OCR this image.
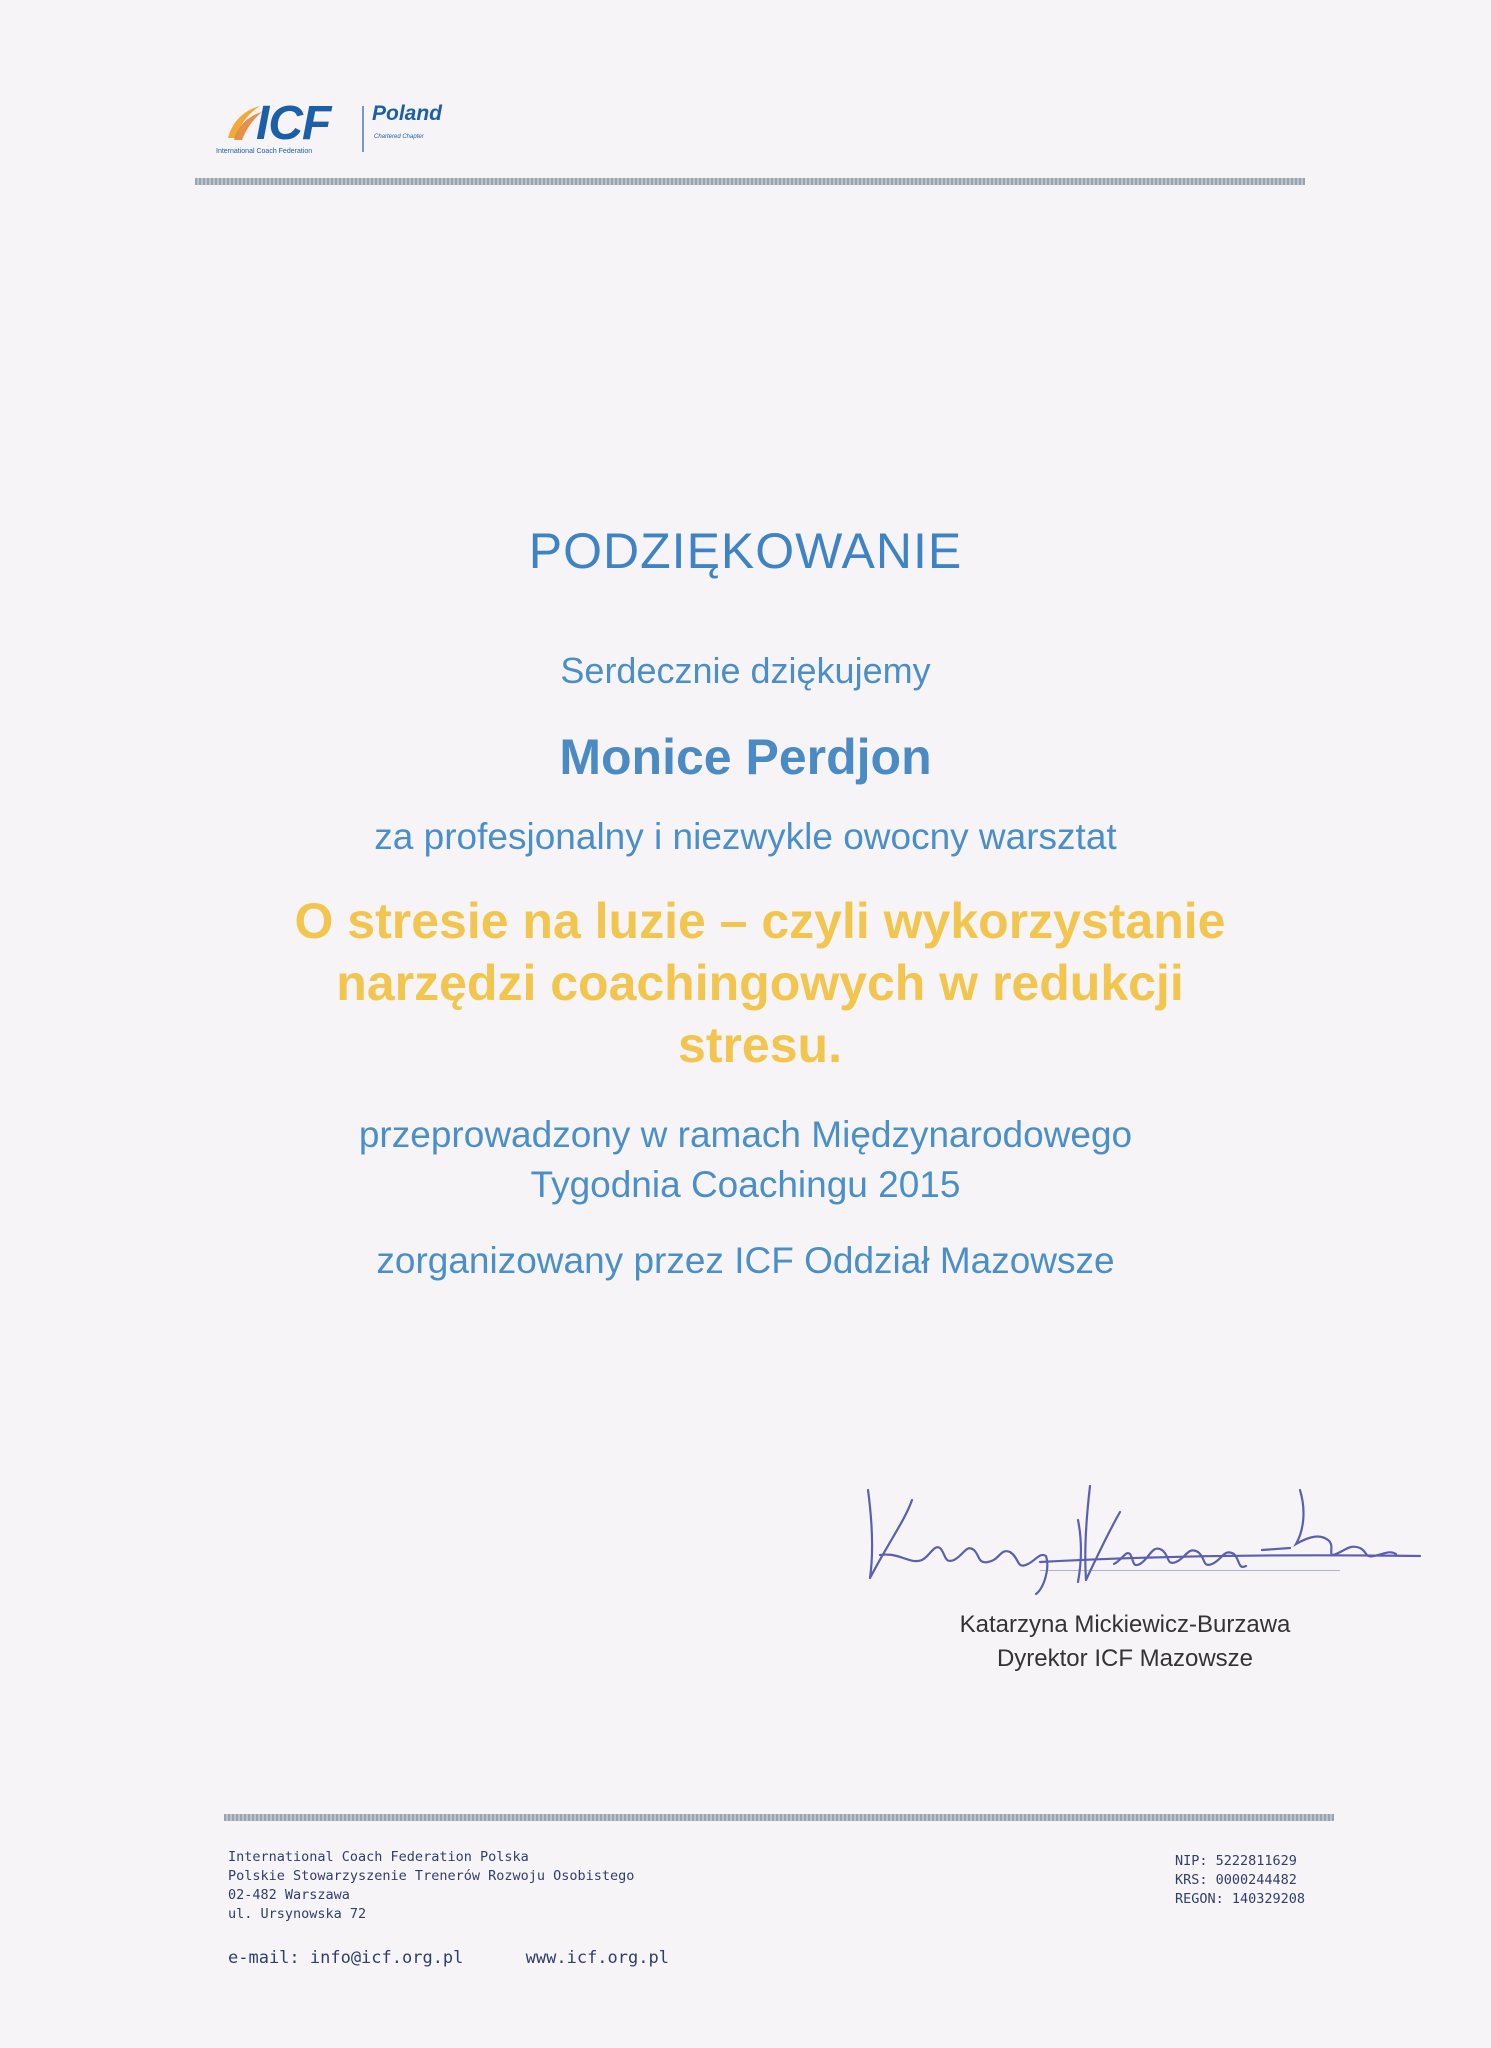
ICF Poland
Chartered Chapter
International Coach Federation
PODZIĘKOWANIE
Serdecznie dziękujemy
Monice Perdjon
za profesjonalny i niezwykle owocny warsztat
O stresie na luzie – czyli wykorzystanie
narzędzi coachingowych w redukcji
stresu.
przeprowadzony w ramach Międzynarodowego
Tygodnia Coachingu 2015
zorganizowany przez ICF Oddział Mazowsze
Katarzyna Mickiewicz-Burzawa
Dyrektor ICF Mazowsze
International Coach Federation Polska
Polskie Stowarzyszenie Trenerów Rozwoju Osobistego
02-482 Warszawa
ul. Ursynowska 72
NIP: 5222811629
KRS: 0000244482
REGON: 140329208
e-mail: info@icf.org.pl	www.icf.org.pl
